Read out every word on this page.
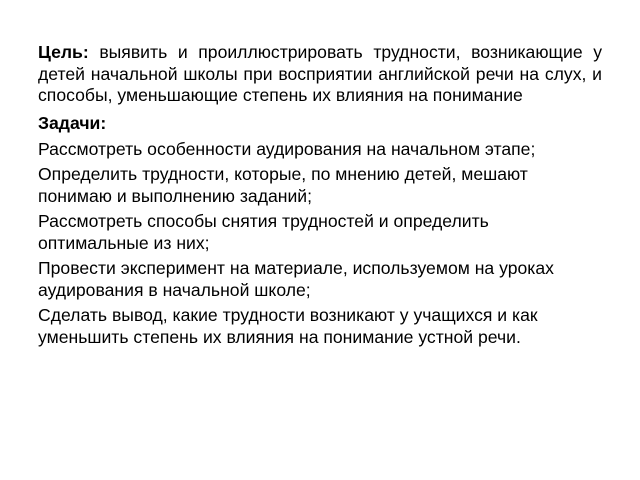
Цель: выявить и проиллюстрировать трудности, возникающие у детей начальной школы при восприятии английской речи на слух, и способы, уменьшающие степень их влияния на понимание

Задачи:
Рассмотреть особенности аудирования на начальном этапе;
Определить трудности, которые, по мнению детей, мешают понимаю и выполнению заданий;
Рассмотреть способы снятия трудностей и определить оптимальные из них;
Провести эксперимент на материале, используемом на уроках аудирования в начальной школе;
Сделать вывод, какие трудности возникают у учащихся и как уменьшить степень их влияния на понимание устной речи.
